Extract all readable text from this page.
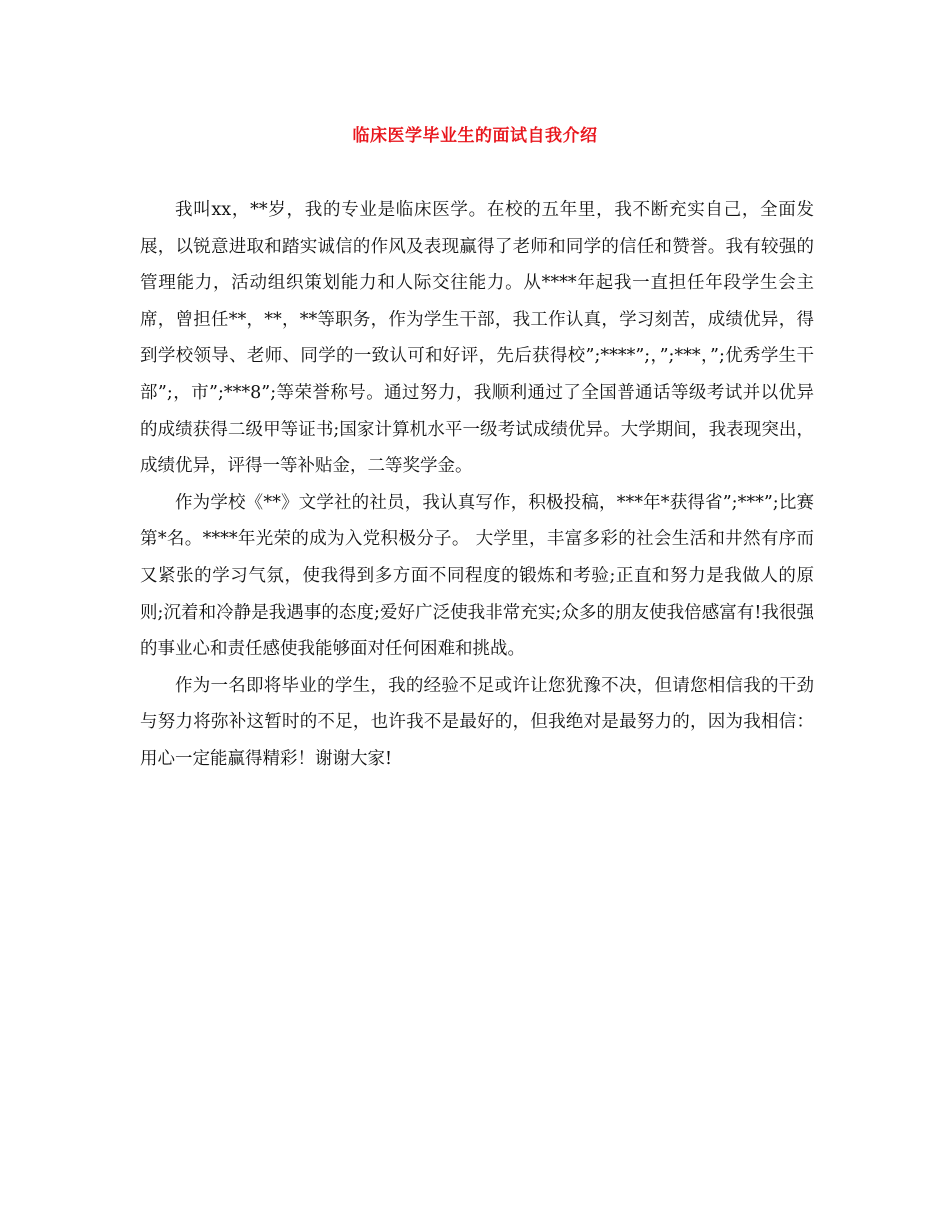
临床医学毕业生的面试自我介绍

我叫xx，**岁，我的专业是临床医学。在校的五年里，我不断充实自己，全面发展，以锐意进取和踏实诚信的作风及表现赢得了老师和同学的信任和赞誉。我有较强的管理能力，活动组织策划能力和人际交往能力。从****年起我一直担任年段学生会主席，曾担任**，**，**等职务，作为学生干部，我工作认真，学习刻苦，成绩优异，得到学校领导、老师、同学的一致认可和好评，先后获得校”;****”;，”;***，”;优秀学生干部”;，市”;***8”;等荣誉称号。通过努力，我顺利通过了全国普通话等级考试并以优异的成绩获得二级甲等证书;国家计算机水平一级考试成绩优异。大学期间，我表现突出，成绩优异，评得一等补贴金，二等奖学金。

作为学校《**》文学社的社员，我认真写作，积极投稿，***年*获得省”;***”;比赛第*名。****年光荣的成为入党积极分子。 大学里，丰富多彩的社会生活和井然有序而又紧张的学习气氛，使我得到多方面不同程度的锻炼和考验;正直和努力是我做人的原则;沉着和冷静是我遇事的态度;爱好广泛使我非常充实;众多的朋友使我倍感富有!我很强的事业心和责任感使我能够面对任何困难和挑战。

作为一名即将毕业的学生，我的经验不足或许让您犹豫不决，但请您相信我的干劲与努力将弥补这暂时的不足，也许我不是最好的，但我绝对是最努力的，因为我相信：用心一定能赢得精彩！谢谢大家!
